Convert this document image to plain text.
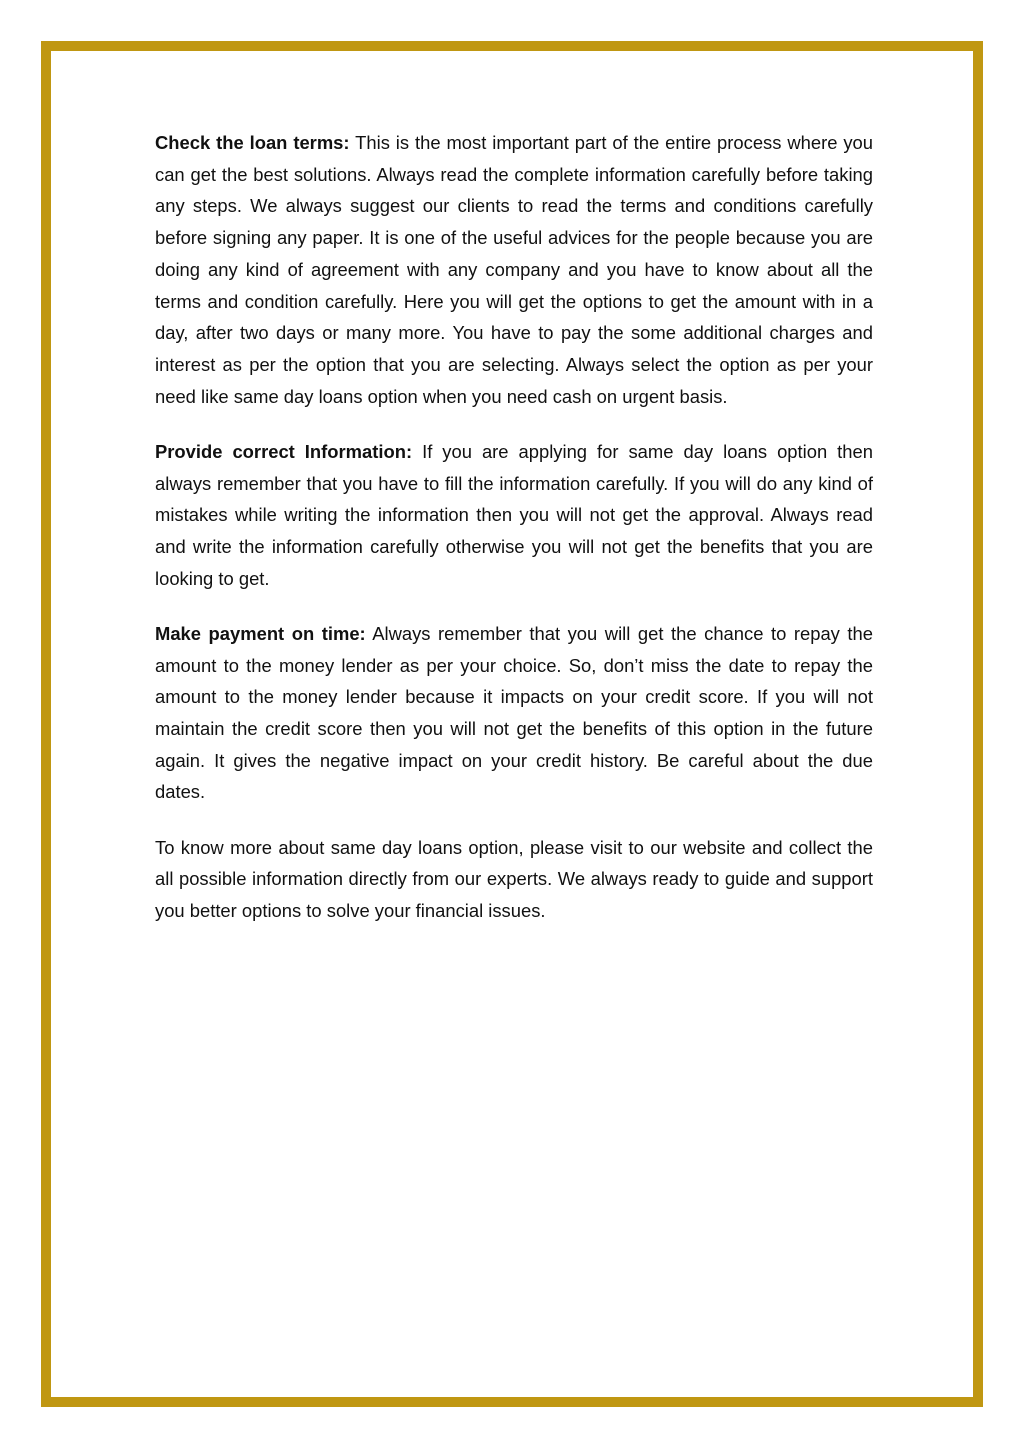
Check the loan terms: This is the most important part of the entire process where you can get the best solutions. Always read the complete information carefully before taking any steps. We always suggest our clients to read the terms and conditions carefully before signing any paper. It is one of the useful advices for the people because you are doing any kind of agreement with any company and you have to know about all the terms and condition carefully. Here you will get the options to get the amount with in a day, after two days or many more. You have to pay the some additional charges and interest as per the option that you are selecting. Always select the option as per your need like same day loans option when you need cash on urgent basis.

Provide correct Information: If you are applying for same day loans option then always remember that you have to fill the information carefully. If you will do any kind of mistakes while writing the information then you will not get the approval. Always read and write the information carefully otherwise you will not get the benefits that you are looking to get.

Make payment on time: Always remember that you will get the chance to repay the amount to the money lender as per your choice. So, don’t miss the date to repay the amount to the money lender because it impacts on your credit score. If you will not maintain the credit score then you will not get the benefits of this option in the future again. It gives the negative impact on your credit history. Be careful about the due dates.

To know more about same day loans option, please visit to our website and collect the all possible information directly from our experts. We always ready to guide and support you better options to solve your financial issues.
